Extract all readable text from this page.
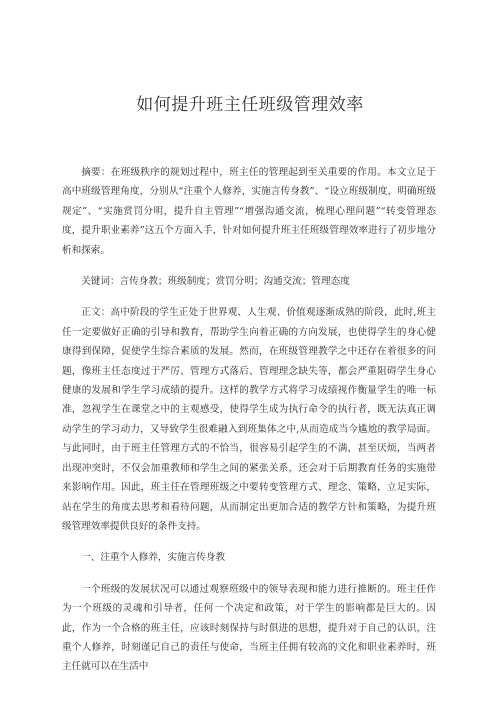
如何提升班主任班级管理效率

摘要：在班级秩序的规划过程中，班主任的管理起到至关重要的作用。本文立足于高中班级管理角度，分别从“注重个人修养，实施言传身教”、“设立班级制度，明确班级规定”、“实施赏罚分明，提升自主管理”“增强沟通交流，梳理心理问题”“转变管理态度，提升职业素养”这五个方面入手，针对如何提升班主任班级管理效率进行了初步地分析和探索。

关键词：言传身教；班级制度；赏罚分明；沟通交流；管理态度

正文：高中阶段的学生正处于世界观、人生观、价值观逐渐成熟的阶段，此时,班主任一定要做好正确的引导和教育，帮助学生向着正确的方向发展，也使得学生的身心健康得到保障，促使学生综合素质的发展。然而，在班级管理教学之中还存在着很多的问题，像班主任态度过于严厉、管理方式落后、管理理念缺失等，都会严重阻碍学生身心健康的发展和学生学习成绩的提升。这样的教学方式将学习成绩视作衡量学生的唯一标准，忽视学生在课堂之中的主观感受，使得学生成为执行命令的执行者，既无法真正调动学生的学习动力，又导致学生很难融入到班集体之中,从而造成当今尴尬的教学局面。与此同时，由于班主任管理方式的不恰当，很容易引起学生的不满，甚至厌烦，当两者出现冲突时，不仅会加重教师和学生之间的紧张关系，还会对于后期教育任务的实施带来影响作用。因此，班主任在管理班级之中要转变管理方式、理念、策略，立足实际，站在学生的角度去思考和看待问题，从而制定出更加合适的教学方针和策略，为提升班级管理效率提供良好的条件支持。

一、注重个人修养，实施言传身教

一个班级的发展状况可以通过观察班级中的领导表现和能力进行推断的。班主任作为一个班级的灵魂和引导者，任何一个决定和政策，对于学生的影响都是巨大的。因此，作为一个合格的班主任，应该时刻保持与时俱进的思想，提升对于自己的认识，注重个人修养，时刻谨记自己的责任与使命，当班主任拥有较高的文化和职业素养时，班主任就可以在生活中
